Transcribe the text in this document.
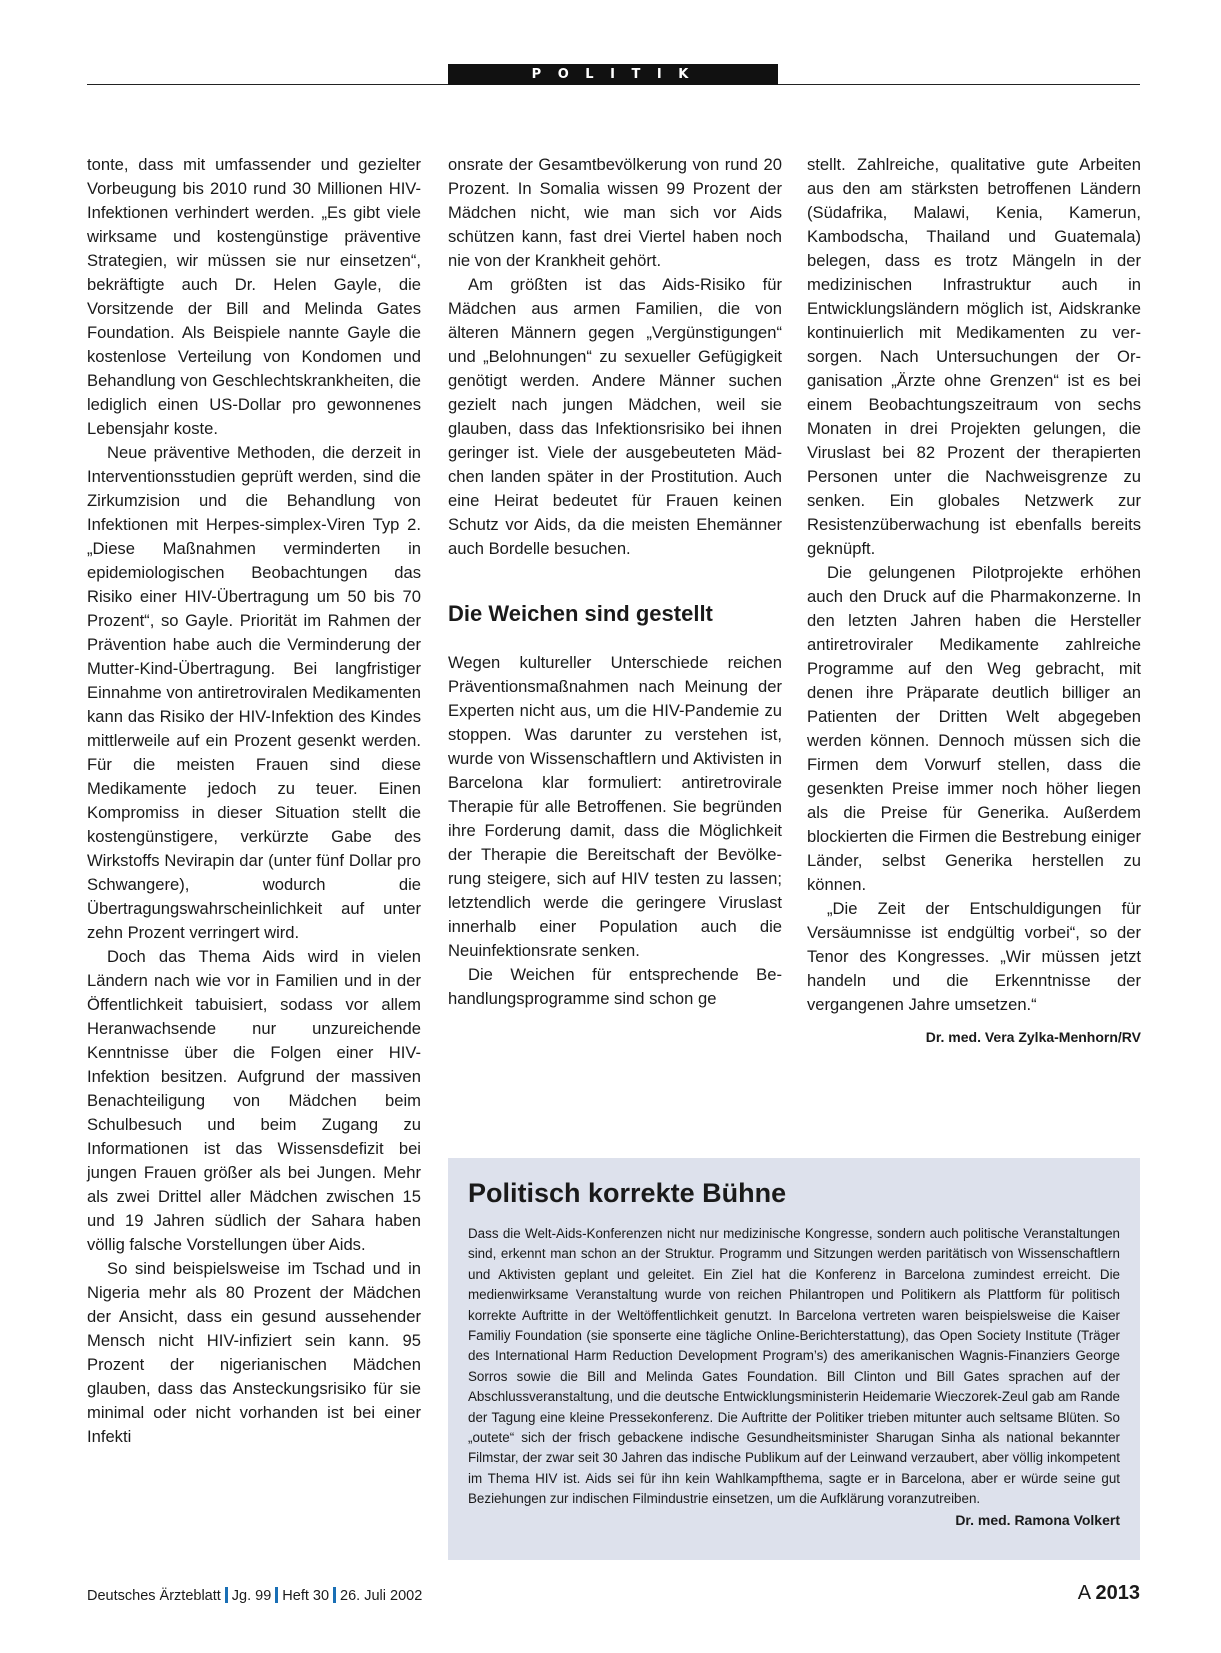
P O L I T I K

tonte, dass mit umfassender und gezielter Vorbeugung bis 2010 rund 30 Millionen HIV-Infektionen verhindert werden. „Es gibt viele wirksame und kostengünstige präventive Strategien, wir müssen sie nur einsetzen“, bekräftigte auch Dr. Helen Gayle, die Vorsitzende der Bill and Melinda Gates Foundation. Als Beispiele nannte Gayle die kostenlose Verteilung von Kondomen und Behandlung von Geschlechtskrankheiten, die lediglich einen US-Dollar pro gewonnenes Lebensjahr koste.

Neue präventive Methoden, die derzeit in Interventionsstudien geprüft werden, sind die Zirkumzision und die Behandlung von Infektionen mit Herpes-simplex-Viren Typ 2. „Diese Maßnahmen verminderten in epidemiologischen Beobachtungen das Risiko einer HIV-Übertragung um 50 bis 70 Prozent“, so Gayle. Priorität im Rahmen der Prävention habe auch die Verminderung der Mutter-Kind-Übertragung. Bei langfristiger Einnahme von antiretroviralen Medikamenten kann das Risiko der HIV-Infektion des Kindes mittlerweile auf ein Prozent gesenkt werden. Für die meisten Frauen sind diese Medikamente jedoch zu teuer. Einen Kompromiss in dieser Situation stellt die kostengünstigere, verkürzte Gabe des Wirkstoffs Nevirapin dar (unter fünf Dollar pro Schwangere), wodurch die Übertragungswahrscheinlichkeit auf unter zehn Prozent verringert wird.

Doch das Thema Aids wird in vielen Ländern nach wie vor in Familien und in der Öffentlichkeit tabuisiert, sodass vor allem Heranwachsende nur unzureichende Kenntnisse über die Folgen einer HIV-Infektion besitzen. Aufgrund der massiven Benachteiligung von Mädchen beim Schulbesuch und beim Zugang zu Informationen ist das Wissensdefizit bei jungen Frauen größer als bei Jungen. Mehr als zwei Drittel aller Mädchen zwischen 15 und 19 Jahren südlich der Sahara haben völlig falsche Vorstellungen über Aids.

So sind beispielsweise im Tschad und in Nigeria mehr als 80 Prozent der Mädchen der Ansicht, dass ein gesund aussehender Mensch nicht HIV-infiziert sein kann. 95 Prozent der nigerianischen Mädchen glauben, dass das Ansteckungsrisiko für sie minimal oder nicht vorhanden ist bei einer Infekti

onsrate der Gesamtbevölkerung von rund 20 Prozent. In Somalia wissen 99 Prozent der Mädchen nicht, wie man sich vor Aids schützen kann, fast drei Viertel haben noch nie von der Krankheit gehört.

Am größten ist das Aids-Risiko für Mädchen aus armen Familien, die von älteren Männern gegen „Vergünstigungen“ und „Belohnungen“ zu sexueller Gefügigkeit genötigt werden. Andere Männer suchen gezielt nach jungen Mädchen, weil sie glauben, dass das Infektionsrisiko bei ihnen geringer ist. Viele der ausgebeuteten Mädchen landen später in der Prostitution. Auch eine Heirat bedeutet für Frauen keinen Schutz vor Aids, da die meisten Ehemänner auch Bordelle besuchen.

Die Weichen sind gestellt

Wegen kultureller Unterschiede reichen Präventionsmaßnahmen nach Meinung der Experten nicht aus, um die HIV-Pandemie zu stoppen. Was darunter zu verstehen ist, wurde von Wissenschaftlern und Aktivisten in Barcelona klar formuliert: antiretrovirale Therapie für alle Betroffenen. Sie begründen ihre Forderung damit, dass die Möglichkeit der Therapie die Bereitschaft der Bevölkerung steigere, sich auf HIV testen zu lassen; letztendlich werde die geringere Viruslast innerhalb einer Population auch die Neuinfektionsrate senken.

Die Weichen für entsprechende Behandlungsprogramme sind schon ge

stellt. Zahlreiche, qualitative gute Arbeiten aus den am stärksten betroffenen Ländern (Südafrika, Malawi, Kenia, Kamerun, Kambodscha, Thailand und Guatemala) belegen, dass es trotz Mängeln in der medizinischen Infrastruktur auch in Entwicklungsländern möglich ist, Aidskranke kontinuierlich mit Medikamenten zu versorgen. Nach Untersuchungen der Organisation „Ärzte ohne Grenzen“ ist es bei einem Beobachtungszeitraum von sechs Monaten in drei Projekten gelungen, die Viruslast bei 82 Prozent der therapierten Personen unter die Nachweisgrenze zu senken. Ein globales Netzwerk zur Resistenzüberwachung ist ebenfalls bereits geknüpft.

Die gelungenen Pilotprojekte erhöhen auch den Druck auf die Pharmakonzerne. In den letzten Jahren haben die Hersteller antiretroviraler Medikamente zahlreiche Programme auf den Weg gebracht, mit denen ihre Präparate deutlich billiger an Patienten der Dritten Welt abgegeben werden können. Dennoch müssen sich die Firmen dem Vorwurf stellen, dass die gesenkten Preise immer noch höher liegen als die Preise für Generika. Außerdem blockierten die Firmen die Bestrebung einiger Länder, selbst Generika herstellen zu können.

„Die Zeit der Entschuldigungen für Versäumnisse ist endgültig vorbei“, so der Tenor des Kongresses. „Wir müssen jetzt handeln und die Erkenntnisse der vergangenen Jahre umsetzen.“

Dr. med. Vera Zylka-Menhorn/RV

Politisch korrekte Bühne

Dass die Welt-Aids-Konferenzen nicht nur medizinische Kongresse, sondern auch politische Veranstaltungen sind, erkennt man schon an der Struktur. Programm und Sitzungen werden paritätisch von Wissenschaftlern und Aktivisten geplant und geleitet. Ein Ziel hat die Konferenz in Barcelona zumindest erreicht. Die medienwirksame Veranstaltung wurde von reichen Philantropen und Politikern als Plattform für politisch korrekte Auftritte in der Weltöffentlichkeit genutzt. In Barcelona vertreten waren beispielsweise die Kaiser Familiy Foundation (sie sponserte eine tägliche Online-Berichterstattung), das Open Society Institute (Träger des International Harm Reduction Development Program’s) des amerikanischen Wagnis-Finanziers George Sorros sowie die Bill and Melinda Gates Foundation. Bill Clinton und Bill Gates sprachen auf der Abschlussveranstaltung, und die deutsche Entwicklungsministerin Heidemarie Wieczorek-Zeul gab am Rande der Tagung eine kleine Pressekonferenz. Die Auftritte der Politiker trieben mitunter auch seltsame Blüten. So „outete“ sich der frisch gebackene indische Gesundheitsminister Sharugan Sinha als national bekannter Filmstar, der zwar seit 30 Jahren das indische Publikum auf der Leinwand verzaubert, aber völlig inkompetent im Thema HIV ist. Aids sei für ihn kein Wahlkampfthema, sagte er in Barcelona, aber er würde seine gut Beziehungen zur indischen Filmindustrie einsetzen, um die Aufklärung voranzutreiben.
Dr. med. Ramona Volkert

Deutsches Ärzteblatt Jg. 99 Heft 30 26. Juli 2002	A 2013
